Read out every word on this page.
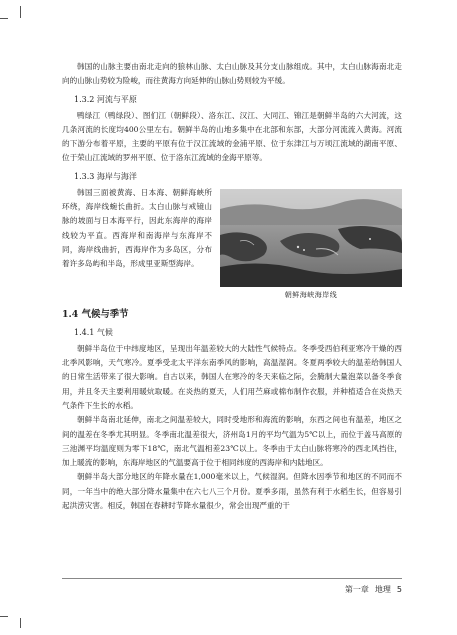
韩国的山脉主要由南北走向的狼林山脉、太白山脉及其分支山脉组成。其中，太白山脉海南北走向的山脉山势较为险峻，而往黄海方向延伸的山脉山势则较为平缓。

1.3.2 河流与平原

鸭绿江（鸭绿段）、图们江（朝鲜段）、洛东江、汉江、大同江、锦江是朝鲜半岛的六大河流，这几条河流的长度均400公里左右。朝鲜半岛的山地多集中在北部和东部，大部分河流流入黄海。河流的下游分布着平原，主要的平原有位于汉江流域的金浦平原、位于东津江与万顷江流域的湖南平原、位于荣山江流域的罗州平原、位于洛东江流域的金海平原等。

1.3.3 海岸与海洋

韩国三面被黄海、日本海、朝鲜海峡所环绕，海岸线蜿长曲折。太白山脉与戒镜山脉的坡面与日本海平行，因此东海岸的海岸线较为平直。西海岸和南海岸与东海岸不同，海岸线曲折，西海岸作为多岛区，分布着许多岛屿和半岛，形成里亚斯型海岸。

朝鲜海峡海岸线
1.4 气候与季节
1.4.1 气候

朝鲜半岛位于中纬度地区，呈现出年温差较大的大陆性气候特点。冬季受西伯利亚寒冷干燥的西北季风影响，天气寒冷。夏季受北太平洋东南季风的影响，高温湿润。冬夏两季较大的温差给韩国人的日常生活带来了很大影响。自古以来，韩国人在寒冷的冬天来临之际，会腌制大量泡菜以备冬季食用，并且冬天主要利用暖炕取暖。在炎热的夏天，人们用苎麻或棉布制作衣服，并种植适合在炎热天气条件下生长的水稻。

朝鲜半岛南北延伸，南北之间温差较大，同时受地形和海流的影响，东西之间也有温差，地区之间的温差在冬季尤其明显。冬季南北温差很大，济州岛1月的平均气温为5℃以上，而位于盖马高原的三池渊平均温度则为零下18℃，南北气温相差23℃以上。冬季由于太白山脉将寒冷的西北风挡住，加上暖流的影响，东海岸地区的气温要高于位于相同纬度的西海岸和内陆地区。

朝鲜半岛大部分地区的年降水量在1,000毫米以上，气候湿润。但降水因季节和地区的不同而不同，一年当中的绝大部分降水量集中在六七八三个月份。夏季多雨，虽然有利于水稻生长，但容易引起洪涝灾害。相反，韩国在春耕时节降水量很少，常会出现严重的干

第一章 地理 5
